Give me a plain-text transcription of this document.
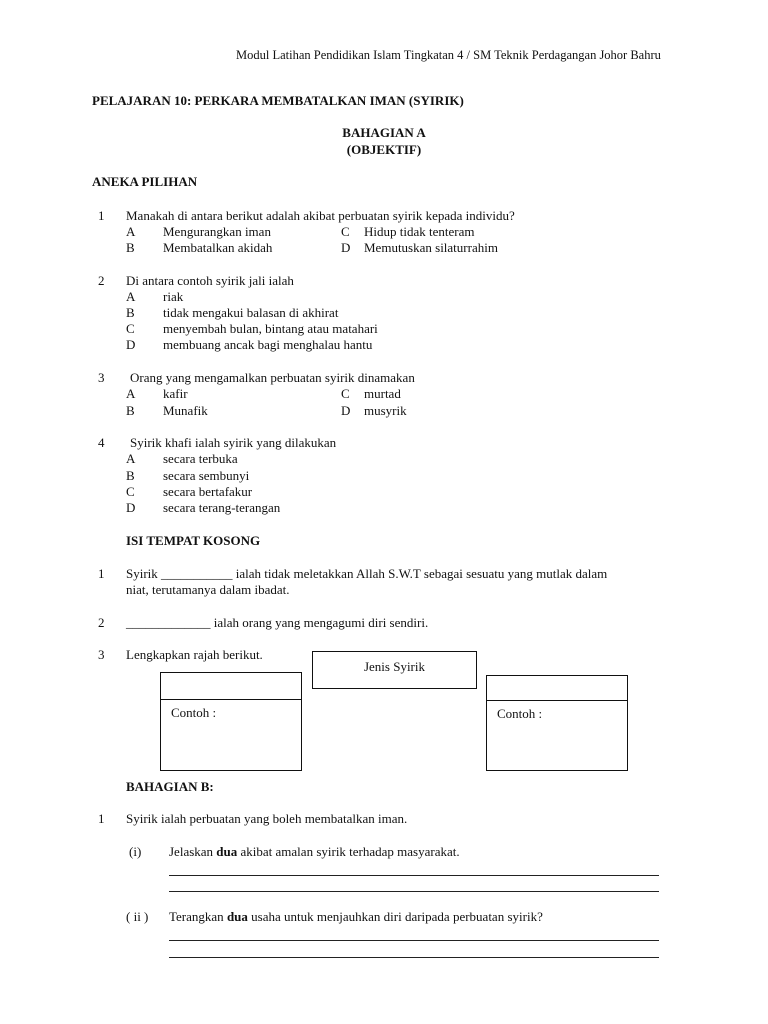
Modul Latihan Pendidikan Islam Tingkatan 4 / SM Teknik Perdagangan Johor Bahru
PELAJARAN 10: PERKARA MEMBATALKAN IMAN (SYIRIK)
BAHAGIAN A
(OBJEKTIF)
ANEKA PILIHAN
1 Manakah di antara berikut adalah akibat perbuatan syirik kepada individu?
A Mengurangkan iman	C Hidup tidak tenteram
B Membatalkan akidah	D Memutuskan silaturrahim
2 Di antara contoh syirik jali ialah
A riak
B tidak mengakui balasan di akhirat
C menyembah bulan, bintang atau matahari
D membuang ancak bagi menghalau hantu
3 Orang yang mengamalkan perbuatan syirik dinamakan
A kafir	C murtad
B Munafik	D musyrik
4 Syirik khafi ialah syirik yang dilakukan
A secara terbuka
B secara sembunyi
C secara bertafakur
D secara terang-terangan
ISI TEMPAT KOSONG
1 Syirik ___________ ialah tidak meletakkan Allah S.W.T sebagai sesuatu yang mutlak dalam
niat, terutamanya dalam ibadat.
2 _____________ ialah orang yang mengagumi diri sendiri.
3 Lengkapkan rajah berikut.
Jenis Syirik
Contoh :	Contoh :
BAHAGIAN B:
1 Syirik ialah perbuatan yang boleh membatalkan iman.
(i) Jelaskan dua akibat amalan syirik terhadap masyarakat.
( ii ) Terangkan dua usaha untuk menjauhkan diri daripada perbuatan syirik?
